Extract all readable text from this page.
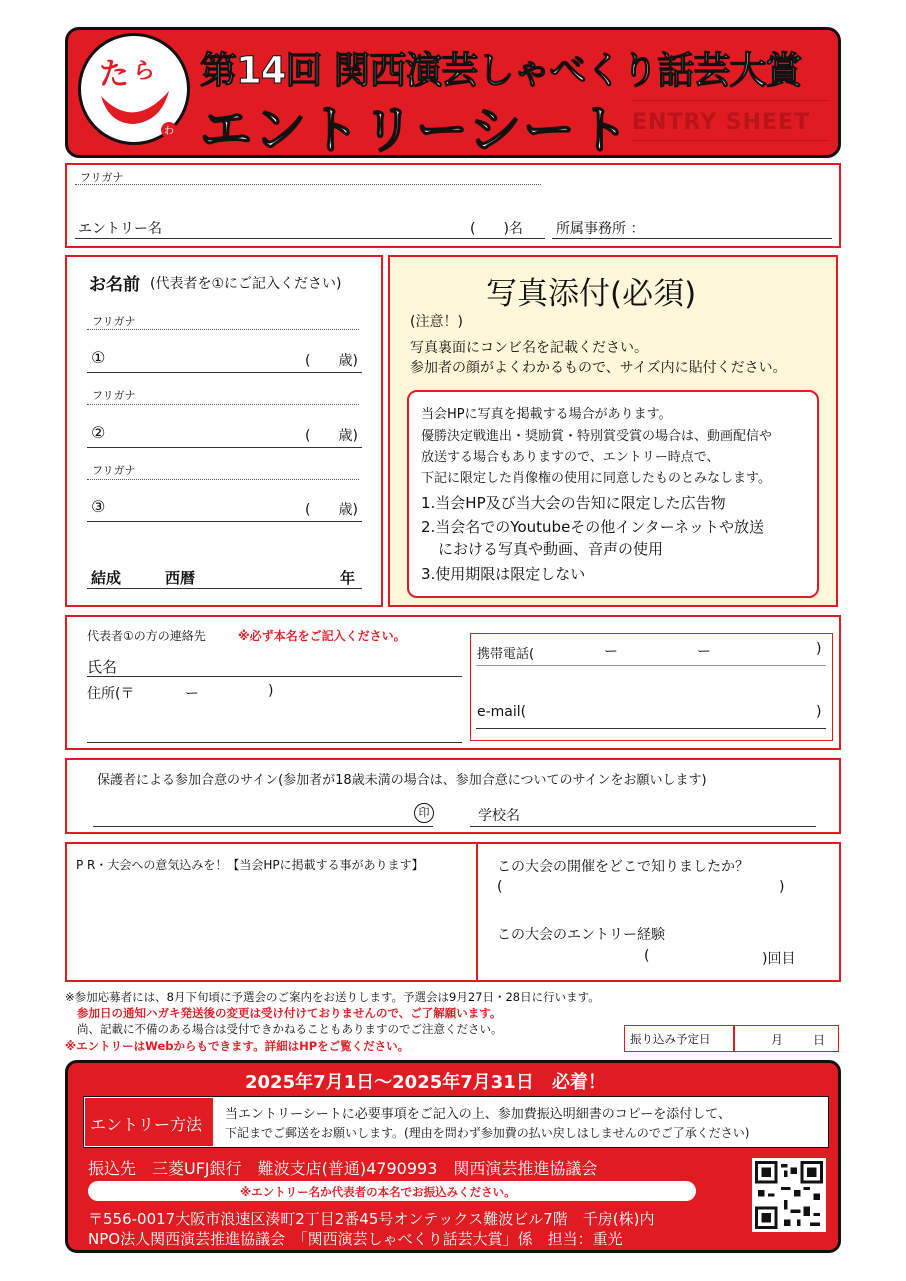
た ら
わ
第14回 関西演芸しゃべくり話芸大賞
エントリーシート ENTRY SHEET
フリガナ
エントリー名	(　　)名 所属事務所 ：
お名前 (代表者を①にご記入ください)
フリガナ
①	(　　歳)
フリガナ
②	(　　歳)
フリガナ
③	(　　歳)
結成	西暦	年
写真添付(必須)
(注意！)
写真裏面にコンビ名を記載ください。
参加者の顔がよくわかるもので、サイズ内に貼付ください。
当会HPに写真を掲載する場合があります。
優勝決定戦進出・奨励賞・特別賞受賞の場合は、動画配信や
放送する場合もありますので、エントリー時点で、
下記に限定した肖像権の使用に同意したものとみなします。
1.当会HP及び当大会の告知に限定した広告物
2.当会名でのYoutubeその他インターネットや放送
における写真や動画、音声の使用
3.使用期限は限定しない
代表者①の方の連絡先	※必ず本名をご記入ください。
氏名
住所(〒	ー	)
携帯電話(	ー	ー	)
e-mail(	)
保護者による参加合意のサイン(参加者が18歳未満の場合は、参加合意についてのサインをお願いします)
印	学校名
P R・大会への意気込みを！【当会HPに掲載する事があります】	この大会の開催をどこで知りましたか？
(	)
この大会のエントリー経験
(	)回目
※参加応募者には、8月下旬頃に予選会のご案内をお送りします。予選会は9月27日・28日に行います。
参加日の通知ハガキ発送後の変更は受け付けておりませんので、ご了解願います。
尚、記載に不備のある場合は受付できかねることもありますのでご注意ください。
※エントリーはWebからもできます。詳細はHPをご覧ください。	振り込み予定日	月 日
2025年7月1日～2025年7月31日　必着！
エントリー方法
当エントリーシートに必要事項をご記入の上、参加費振込明細書のコピーを添付して、
下記までご郵送をお願いします。(理由を問わず参加費の払い戻しはしませんのでご了承ください)
振込先　三菱UFJ銀行　難波支店(普通)4790993　関西演芸推進協議会
※エントリー名か代表者の本名でお振込みください。
〒556-0017大阪市浪速区湊町2丁目2番45号オンテックス難波ビル7階　千房(株)内
NPO法人関西演芸推進協議会　「関西演芸しゃべくり話芸大賞」係　担当：重光
